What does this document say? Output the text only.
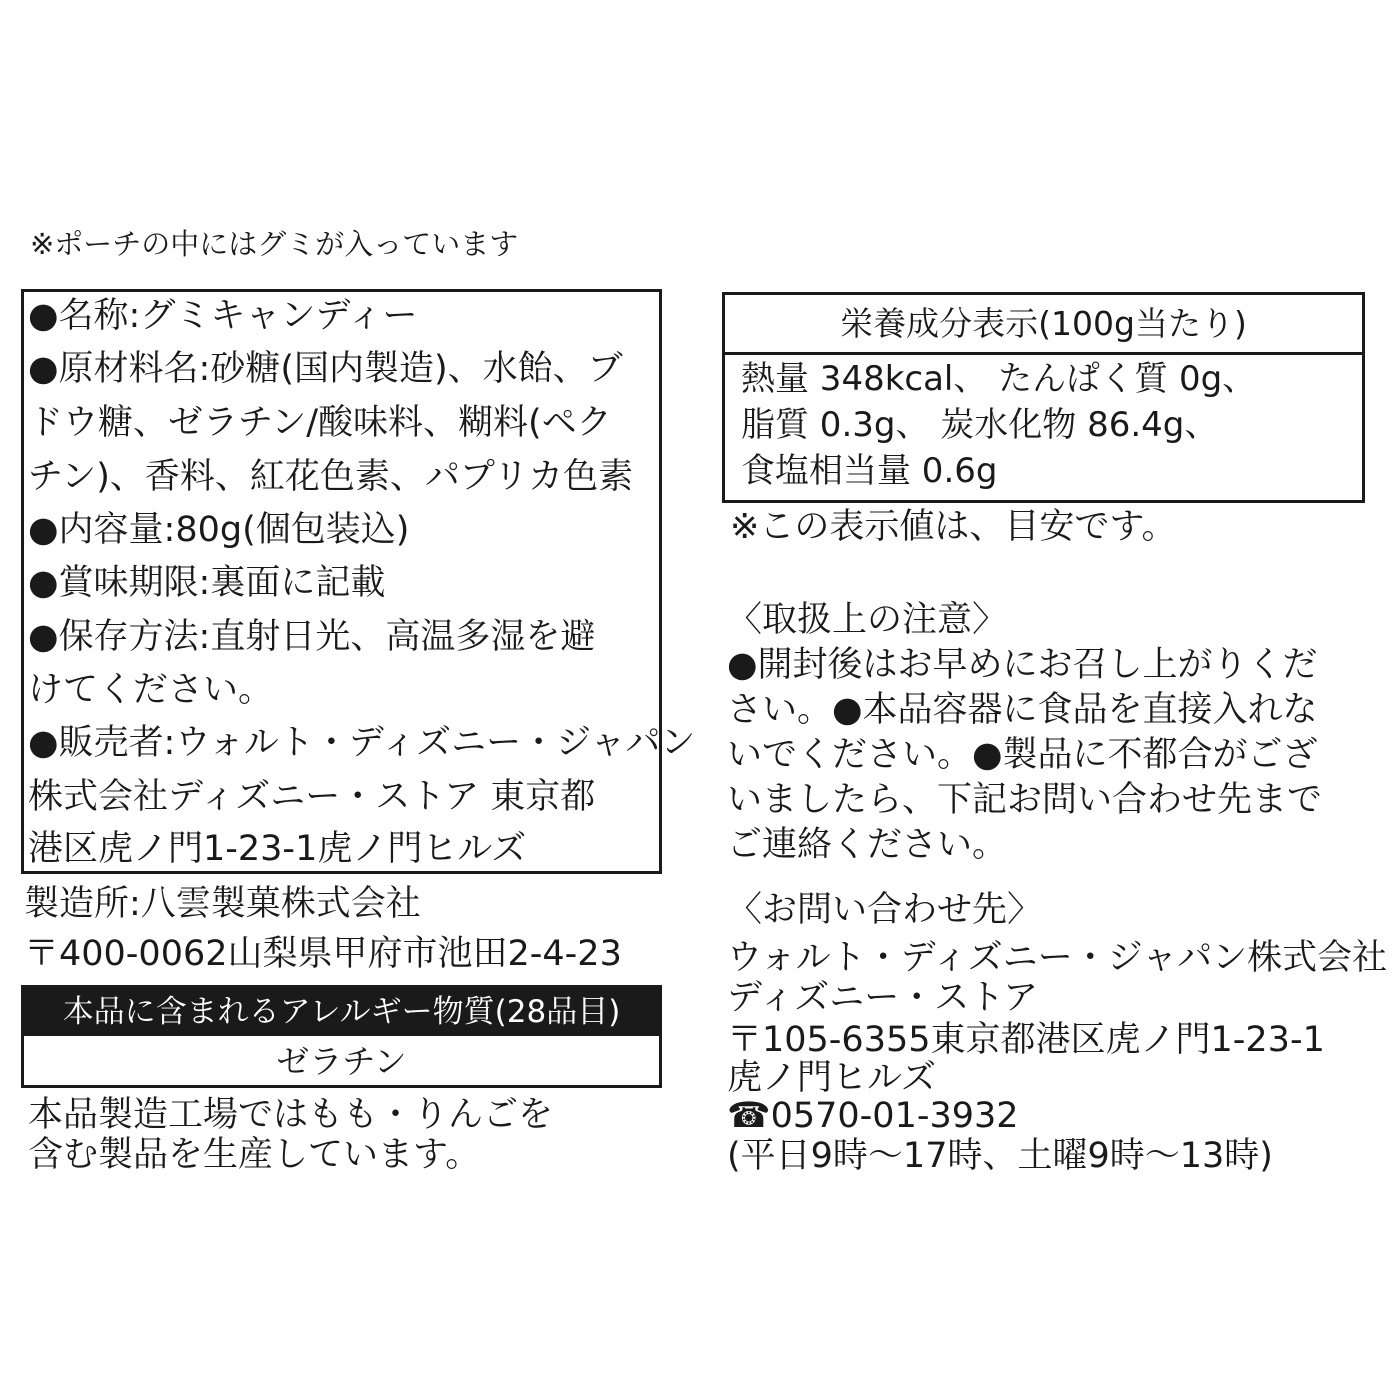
※ポーチの中にはグミが入っています
●名称:グミキャンディー
●原材料名:砂糖(国内製造)、水飴、ブ
ドウ糖、ゼラチン/酸味料、糊料(ペク
チン)、香料、紅花色素、パプリカ色素
●内容量:80g(個包装込)
●賞味期限:裏面に記載
●保存方法:直射日光、高温多湿を避
けてください。
●販売者:ウォルト・ディズニー・ジャパン
株式会社ディズニー・ストア 東京都
港区虎ノ門1-23-1虎ノ門ヒルズ
製造所:八雲製菓株式会社
〒400-0062山梨県甲府市池田2-4-23
本品に含まれるアレルギー物質(28品目)
ゼラチン
本品製造工場ではもも・りんごを
含む製品を生産しています。
栄養成分表示(100g当たり)
熱量 348kcal、 たんぱく質 0g、
脂質 0.3g、 炭水化物 86.4g、
食塩相当量 0.6g
※この表示値は、目安です。
〈取扱上の注意〉
●開封後はお早めにお召し上がりくだ
さい。●本品容器に食品を直接入れな
いでください。●製品に不都合がござ
いましたら、下記お問い合わせ先まで
ご連絡ください。
〈お問い合わせ先〉
ウォルト・ディズニー・ジャパン株式会社
ディズニー・ストア
〒105-6355東京都港区虎ノ門1-23-1
虎ノ門ヒルズ
☎0570-01-3932
(平日9時〜17時、土曜9時〜13時)
